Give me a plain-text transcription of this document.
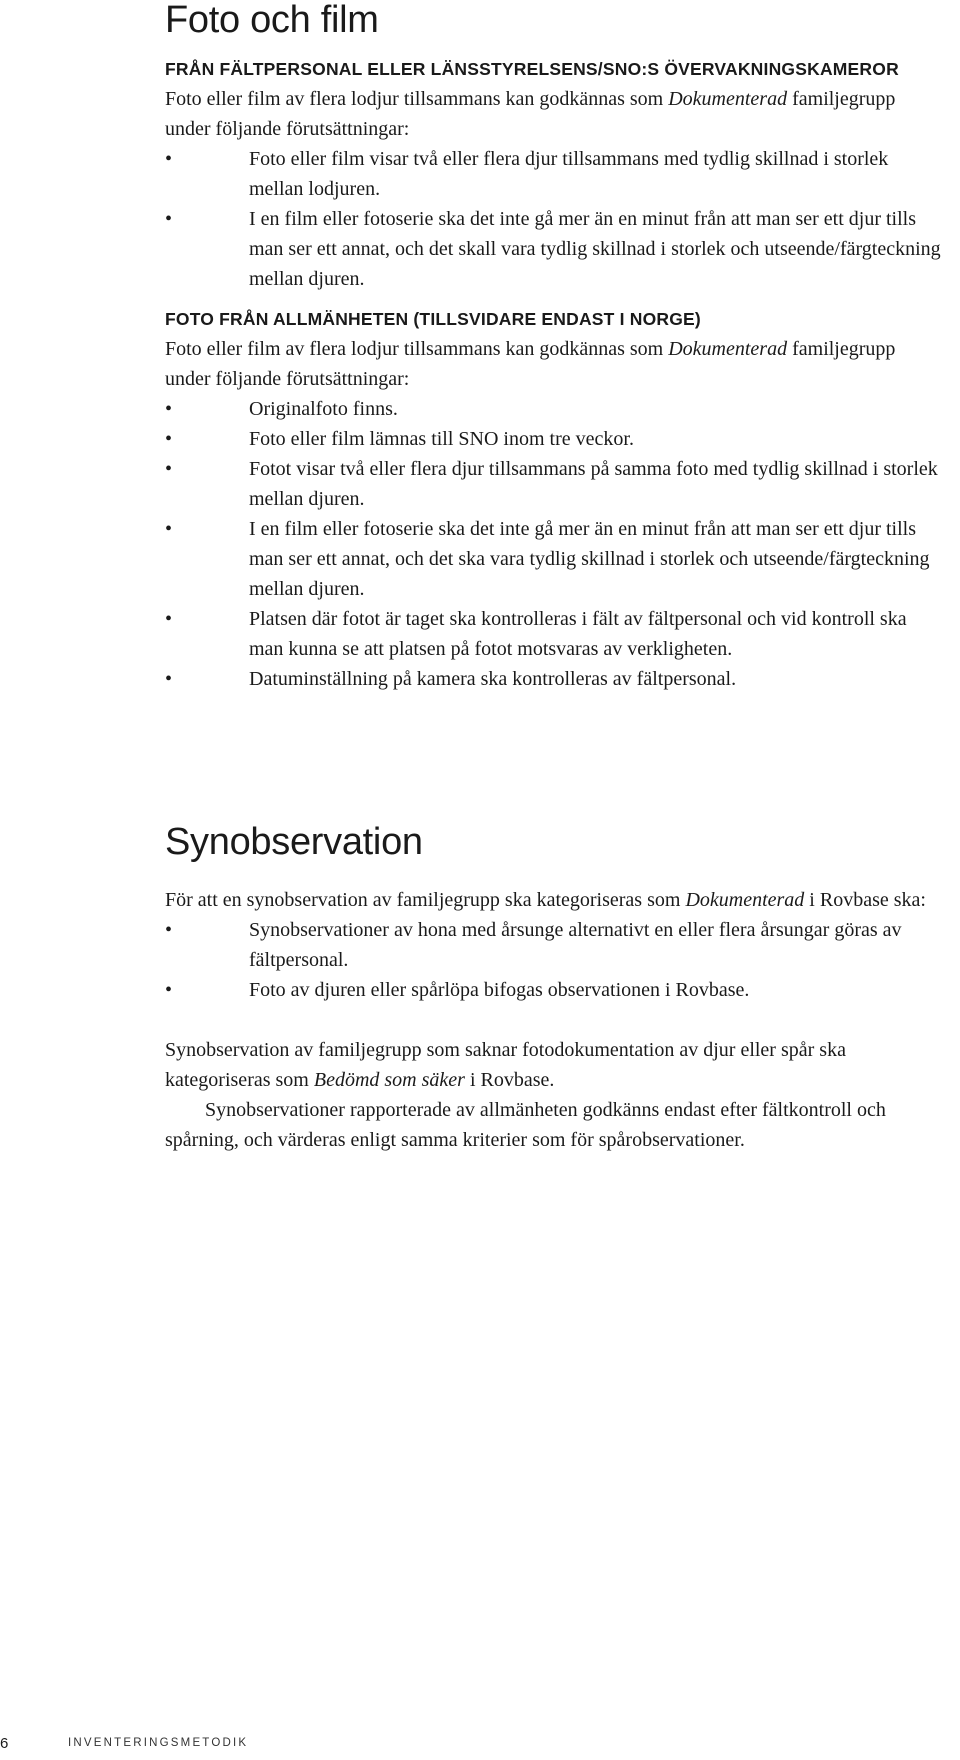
Foto och film
FRÅN FÄLTPERSONAL ELLER LÄNSSTYRELSENS/SNO:S ÖVERVAKNINGSKAMEROR

Foto eller film av flera lodjur tillsammans kan godkännas som Dokumenterad familjegrupp under följande förutsättningar:

•	Foto eller film visar två eller flera djur tillsammans med tydlig skillnad i storlek mellan lodjuren.
•	I en film eller fotoserie ska det inte gå mer än en minut från att man ser ett djur tills man ser ett annat, och det skall vara tydlig skillnad i storlek och utseende/färgteckning mellan djuren.
FOTO FRÅN ALLMÄNHETEN (TILLSVIDARE ENDAST I NORGE)

Foto eller film av flera lodjur tillsammans kan godkännas som Dokumenterad familjegrupp under följande förutsättningar:

•	Originalfoto finns.
•	Foto eller film lämnas till SNO inom tre veckor.
•	Fotot visar två eller flera djur tillsammans på samma foto med tydlig skillnad i storlek mellan djuren.
•	I en film eller fotoserie ska det inte gå mer än en minut från att man ser ett djur tills man ser ett annat, och det ska vara tydlig skillnad i storlek och utseende/färgteckning mellan djuren.
•	Platsen där fotot är taget ska kontrolleras i fält av fältpersonal och vid kontroll ska man kunna se att platsen på fotot motsvaras av verkligheten.
•	Datuminställning på kamera ska kontrolleras av fältpersonal.
Synobservation

För att en synobservation av familjegrupp ska kategoriseras som Dokumenterad i Rovbase ska:

•	Synobservationer av hona med årsunge alternativt en eller flera årsungar göras av fältpersonal.
•	Foto av djuren eller spårlöpa bifogas observationen i Rovbase.

Synobservation av familjegrupp som saknar fotodokumentation av djur eller spår ska kategoriseras som Bedömd som säker i Rovbase.

Synobservationer rapporterade av allmänheten godkänns endast efter fältkontroll och spårning, och värderas enligt samma kriterier som för spårobservationer.

6	INVENTERINGSMETODIK
